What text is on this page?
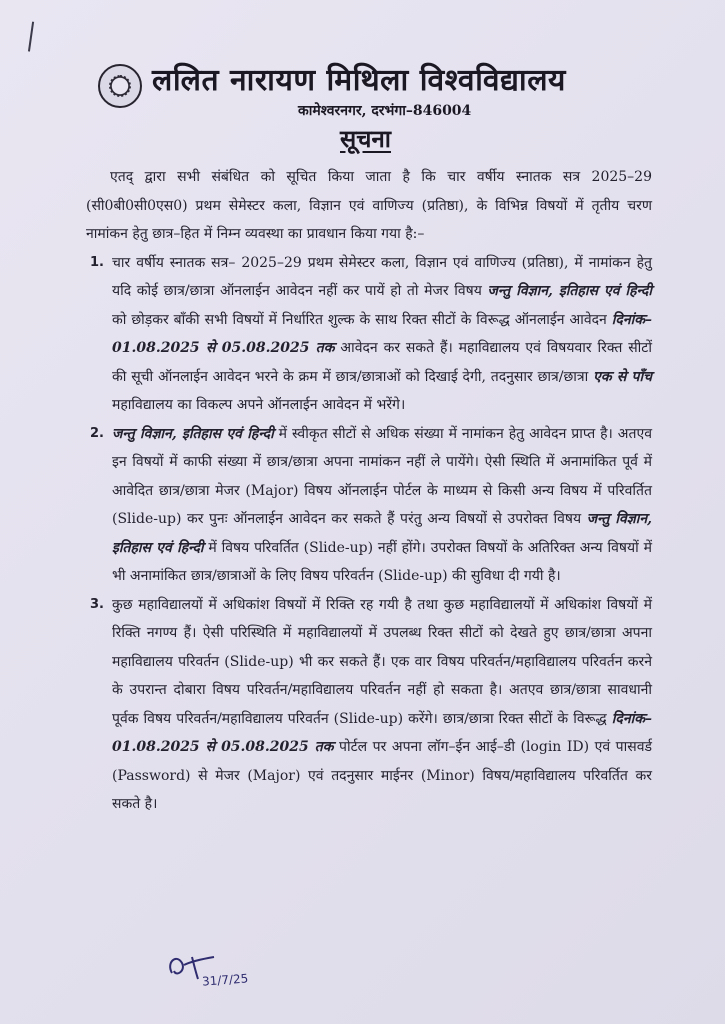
ललित नारायण मिथिला विश्वविद्यालय
कामेश्वरनगर, दरभंगा–846004
सूचना

एतद् द्वारा सभी संबंधित को सूचित किया जाता है कि चार वर्षीय स्नातक सत्र 2025–29 (सी0बी0सी0एस0) प्रथम सेमेस्टर कला, विज्ञान एवं वाणिज्य (प्रतिष्ठा), के विभिन्न विषयों में तृतीय चरण नामांकन हेतु छात्र–हित में निम्न व्यवस्था का प्रावधान किया गया है:–

1. चार वर्षीय स्नातक सत्र– 2025–29 प्रथम सेमेस्टर कला, विज्ञान एवं वाणिज्य (प्रतिष्ठा), में नामांकन हेतु यदि कोई छात्र/छात्रा ऑनलाईन आवेदन नहीं कर पायें हो तो मेजर विषय जन्तु विज्ञान, इतिहास एवं हिन्दी को छोड़कर बाँकी सभी विषयों में निर्धारित शुल्क के साथ रिक्त सीटों के विरूद्ध ऑनलाईन आवेदन दिनांक– 01.08.2025 से 05.08.2025 तक आवेदन कर सकते हैं। महाविद्यालय एवं विषयवार रिक्त सीटों की सूची ऑनलाईन आवेदन भरने के क्रम में छात्र/छात्राओं को दिखाई देगी, तदनुसार छात्र/छात्रा एक से पाँच महाविद्यालय का विकल्प अपने ऑनलाईन आवेदन में भरेंगे।
2. जन्तु विज्ञान, इतिहास एवं हिन्दी में स्वीकृत सीटों से अधिक संख्या में नामांकन हेतु आवेदन प्राप्त है। अतएव इन विषयों में काफी संख्या में छात्र/छात्रा अपना नामांकन नहीं ले पायेंगे। ऐसी स्थिति में अनामांकित पूर्व में आवेदित छात्र/छात्रा मेजर (Major) विषय ऑनलाईन पोर्टल के माध्यम से किसी अन्य विषय में परिवर्तित (Slide-up) कर पुनः ऑनलाईन आवेदन कर सकते हैं परंतु अन्य विषयों से उपरोक्त विषय जन्तु विज्ञान, इतिहास एवं हिन्दी में विषय परिवर्तित (Slide-up) नहीं होंगे। उपरोक्त विषयों के अतिरिक्त अन्य विषयों में भी अनामांकित छात्र/छात्राओं के लिए विषय परिवर्तन (Slide-up) की सुविधा दी गयी है।
3. कुछ महाविद्यालयों में अधिकांश विषयों में रिक्ति रह गयी है तथा कुछ महाविद्यालयों में अधिकांश विषयों में रिक्ति नगण्य हैं। ऐसी परिस्थिति में महाविद्यालयों में उपलब्ध रिक्त सीटों को देखते हुए छात्र/छात्रा अपना महाविद्यालय परिवर्तन (Slide-up) भी कर सकते हैं। एक वार विषय परिवर्तन/महाविद्यालय परिवर्तन करने के उपरान्त दोबारा विषय परिवर्तन/महाविद्यालय परिवर्तन नहीं हो सकता है। अतएव छात्र/छात्रा सावधानी पूर्वक विषय परिवर्तन/महाविद्यालय परिवर्तन (Slide-up) करेंगे। छात्र/छात्रा रिक्त सीटों के विरूद्ध दिनांक– 01.08.2025 से 05.08.2025 तक पोर्टल पर अपना लॉग–ईन आई–डी (login ID) एवं पासवर्ड (Password) से मेजर (Major) एवं तदनुसार माईनर (Minor) विषय/महाविद्यालय परिवर्तित कर सकते है।
31/7/25
